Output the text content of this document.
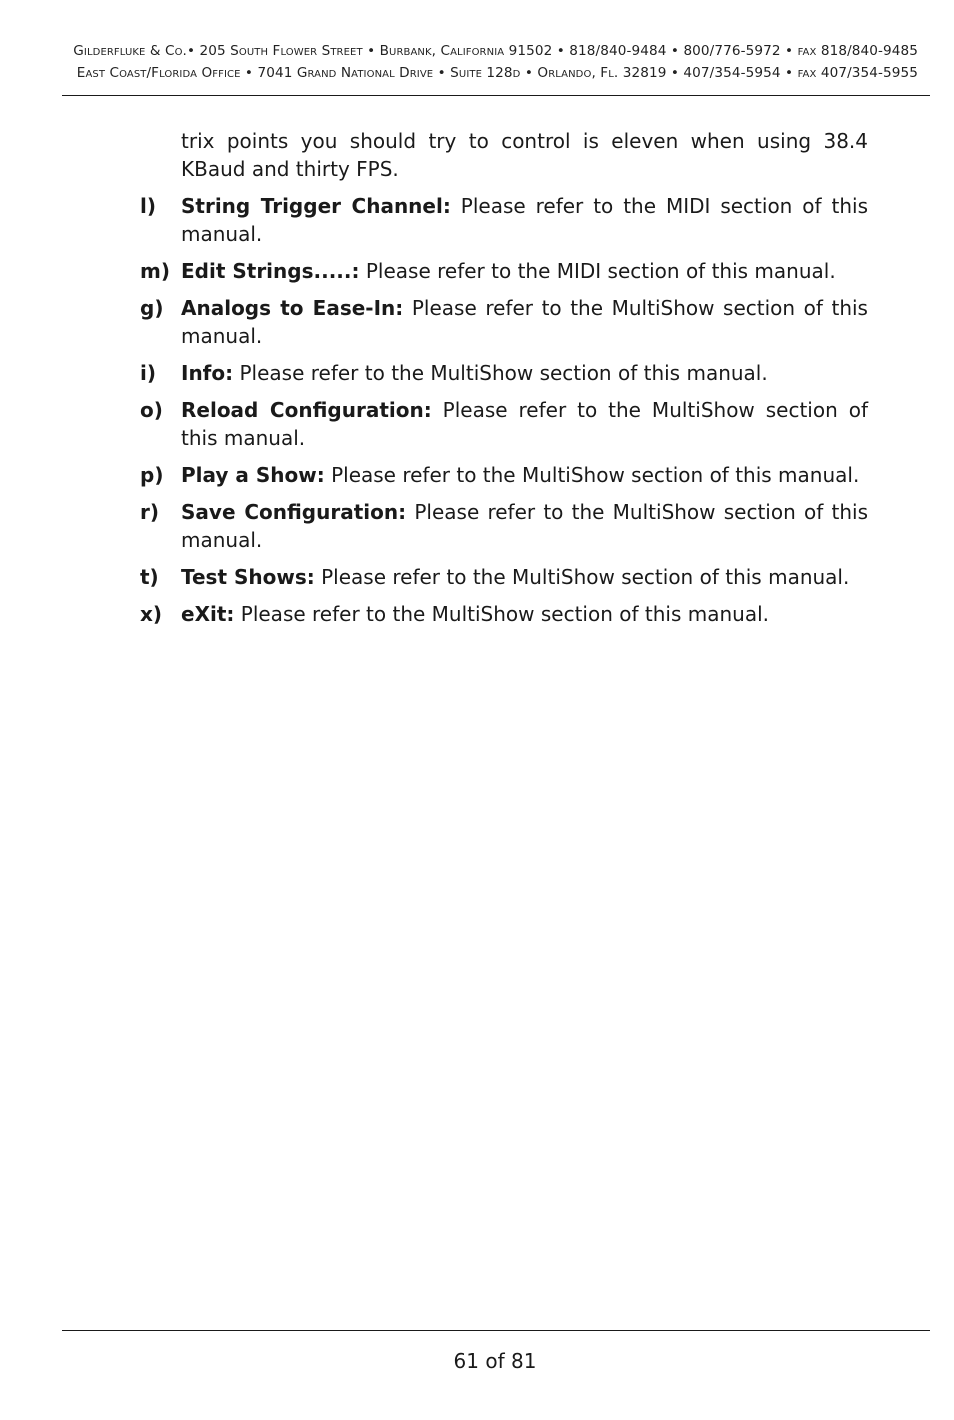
Gilderfluke & Co.• 205 South Flower Street • Burbank, California 91502 • 818/840-9484 • 800/776-5972 • fax 818/840-9485
East Coast/Florida Office • 7041 Grand National Drive • Suite 128d • Orlando, Fl. 32819 • 407/354-5954 • fax 407/354-5955

trix points you should try to control is eleven when using 38.4 KBaud and thirty FPS.

l)	String Trigger Channel: Please refer to the MIDI section of this manual.
m) Edit Strings.....: Please refer to the MIDI section of this manual.
g) Analogs to Ease-In: Please refer to the MultiShow section of this manual.
i)	Info: Please refer to the MultiShow section of this manual.
o) Reload Configuration: Please refer to the MultiShow section of this manual.
p) Play a Show: Please refer to the MultiShow section of this manual.
r)	Save Configuration: Please refer to the MultiShow section of this manual.
t)	Test Shows: Please refer to the MultiShow section of this manual.
x) eXit: Please refer to the MultiShow section of this manual.
61 of 81
